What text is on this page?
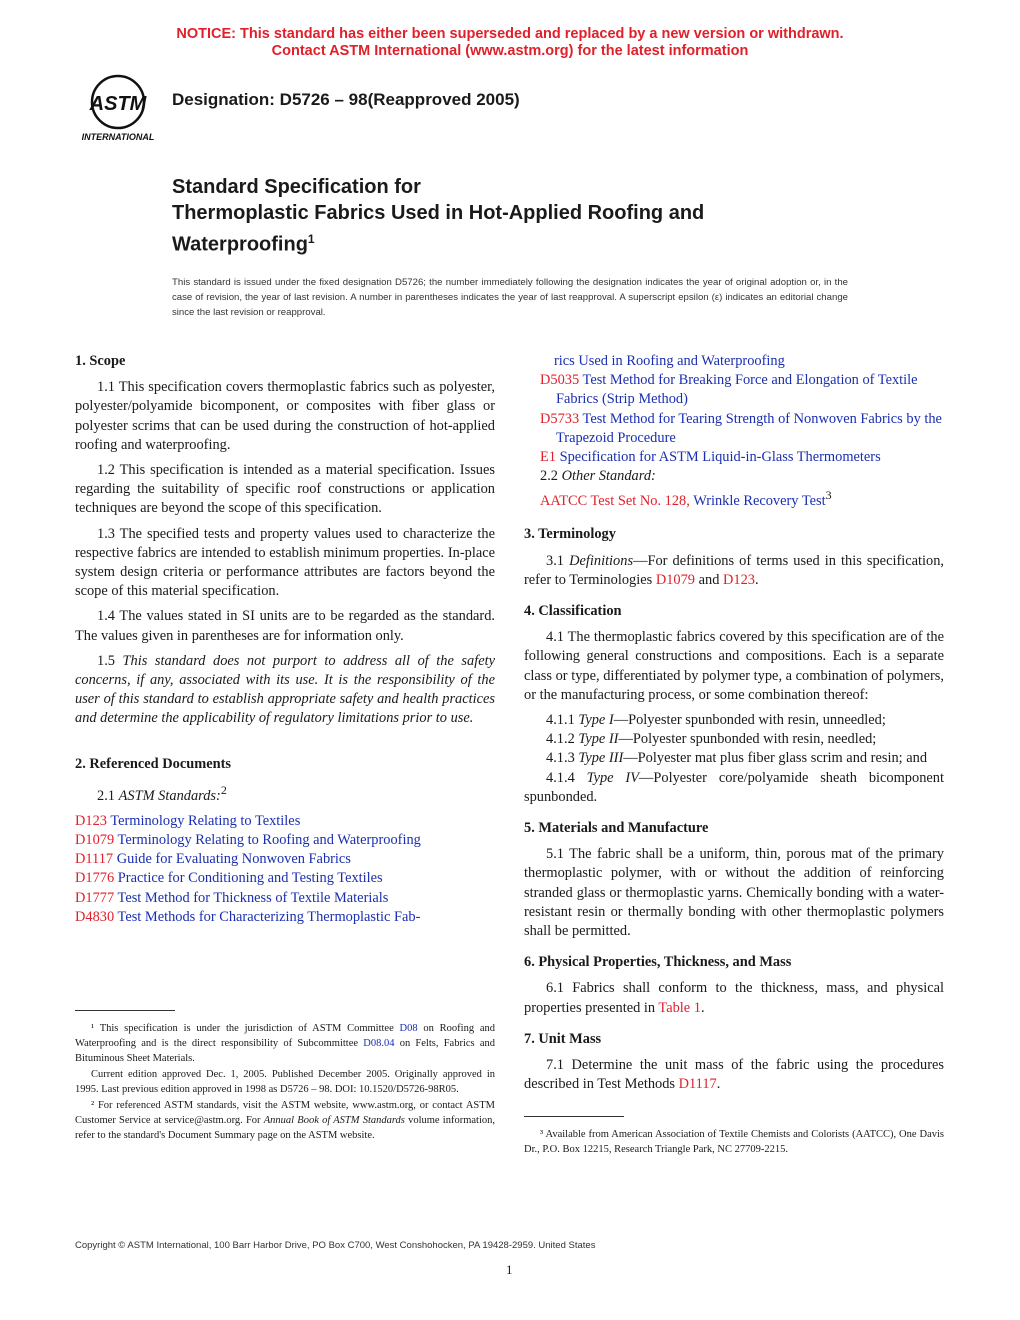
NOTICE: This standard has either been superseded and replaced by a new version or withdrawn.
Contact ASTM International (www.astm.org) for the latest information
ASTM
INTERNATIONAL
Designation: D5726 – 98(Reapproved 2005)
Standard Specification for
Thermoplastic Fabrics Used in Hot-Applied Roofing and
Waterproofing$^1$
This standard is issued under the fixed designation D5726; the number immediately following the designation indicates the year of original adoption or, in the case of revision, the year of last revision. A number in parentheses indicates the year of last reapproval. A superscript epsilon (ε) indicates an editorial change since the last revision or reapproval.
1. Scope

1.1 This specification covers thermoplastic fabrics such as polyester, polyester/polyamide bicomponent, or composites with fiber glass or polyester scrims that can be used during the construction of hot-applied roofing and waterproofing.

1.2 This specification is intended as a material specification. Issues regarding the suitability of specific roof constructions or application techniques are beyond the scope of this specification.

1.3 The specified tests and property values used to characterize the respective fabrics are intended to establish minimum properties. In-place system design criteria or performance attributes are factors beyond the scope of this material specification.

1.4 The values stated in SI units are to be regarded as the standard. The values given in parentheses are for information only.

1.5 This standard does not purport to address all of the safety concerns, if any, associated with its use. It is the responsibility of the user of this standard to establish appropriate safety and health practices and determine the applicability of regulatory limitations prior to use.

2. Referenced Documents

2.1 ASTM Standards:$^2$

D123 Terminology Relating to Textiles
D1079 Terminology Relating to Roofing and Waterproofing
D1117 Guide for Evaluating Nonwoven Fabrics
D1776 Practice for Conditioning and Testing Textiles
D1777 Test Method for Thickness of Textile Materials
D4830 Test Methods for Characterizing Thermoplastic Fab-

¹ This specification is under the jurisdiction of ASTM Committee D08 on Roofing and Waterproofing and is the direct responsibility of Subcommittee D08.04 on Felts, Fabrics and Bituminous Sheet Materials.

Current edition approved Dec. 1, 2005. Published December 2005. Originally approved in 1995. Last previous edition approved in 1998 as D5726 – 98. DOI: 10.1520/D5726-98R05.

² For referenced ASTM standards, visit the ASTM website, www.astm.org, or contact ASTM Customer Service at service@astm.org. For Annual Book of ASTM Standards volume information, refer to the standard's Document Summary page on the ASTM website.

rics Used in Roofing and Waterproofing
D5035 Test Method for Breaking Force and Elongation of Textile Fabrics (Strip Method)
D5733 Test Method for Tearing Strength of Nonwoven Fabrics by the Trapezoid Procedure
E1 Specification for ASTM Liquid-in-Glass Thermometers
2.2 Other Standard:
AATCC Test Set No. 128, Wrinkle Recovery Test$^3$
3. Terminology

3.1 Definitions—For definitions of terms used in this specification, refer to Terminologies D1079 and D123.

4. Classification

4.1 The thermoplastic fabrics covered by this specification are of the following general constructions and compositions. Each is a separate class or type, differentiated by polymer type, a combination of polymers, or the manufacturing process, or some combination thereof:

4.1.1 Type I—Polyester spunbonded with resin, unneedled;

4.1.2 Type II—Polyester spunbonded with resin, needled;

4.1.3 Type III—Polyester mat plus fiber glass scrim and resin; and

4.1.4 Type IV—Polyester core/polyamide sheath bicomponent spunbonded.

5. Materials and Manufacture

5.1 The fabric shall be a uniform, thin, porous mat of the primary thermoplastic polymer, with or without the addition of reinforcing stranded glass or thermoplastic yarns. Chemically bonding with a water-resistant resin or thermally bonding with other thermoplastic polymers shall be permitted.

6. Physical Properties, Thickness, and Mass

6.1 Fabrics shall conform to the thickness, mass, and physical properties presented in Table 1.

7. Unit Mass

7.1 Determine the unit mass of the fabric using the procedures described in Test Methods D1117.

³ Available from American Association of Textile Chemists and Colorists (AATCC), One Davis Dr., P.O. Box 12215, Research Triangle Park, NC 27709-2215.

Copyright © ASTM International, 100 Barr Harbor Drive, PO Box C700, West Conshohocken, PA 19428-2959. United States
1
